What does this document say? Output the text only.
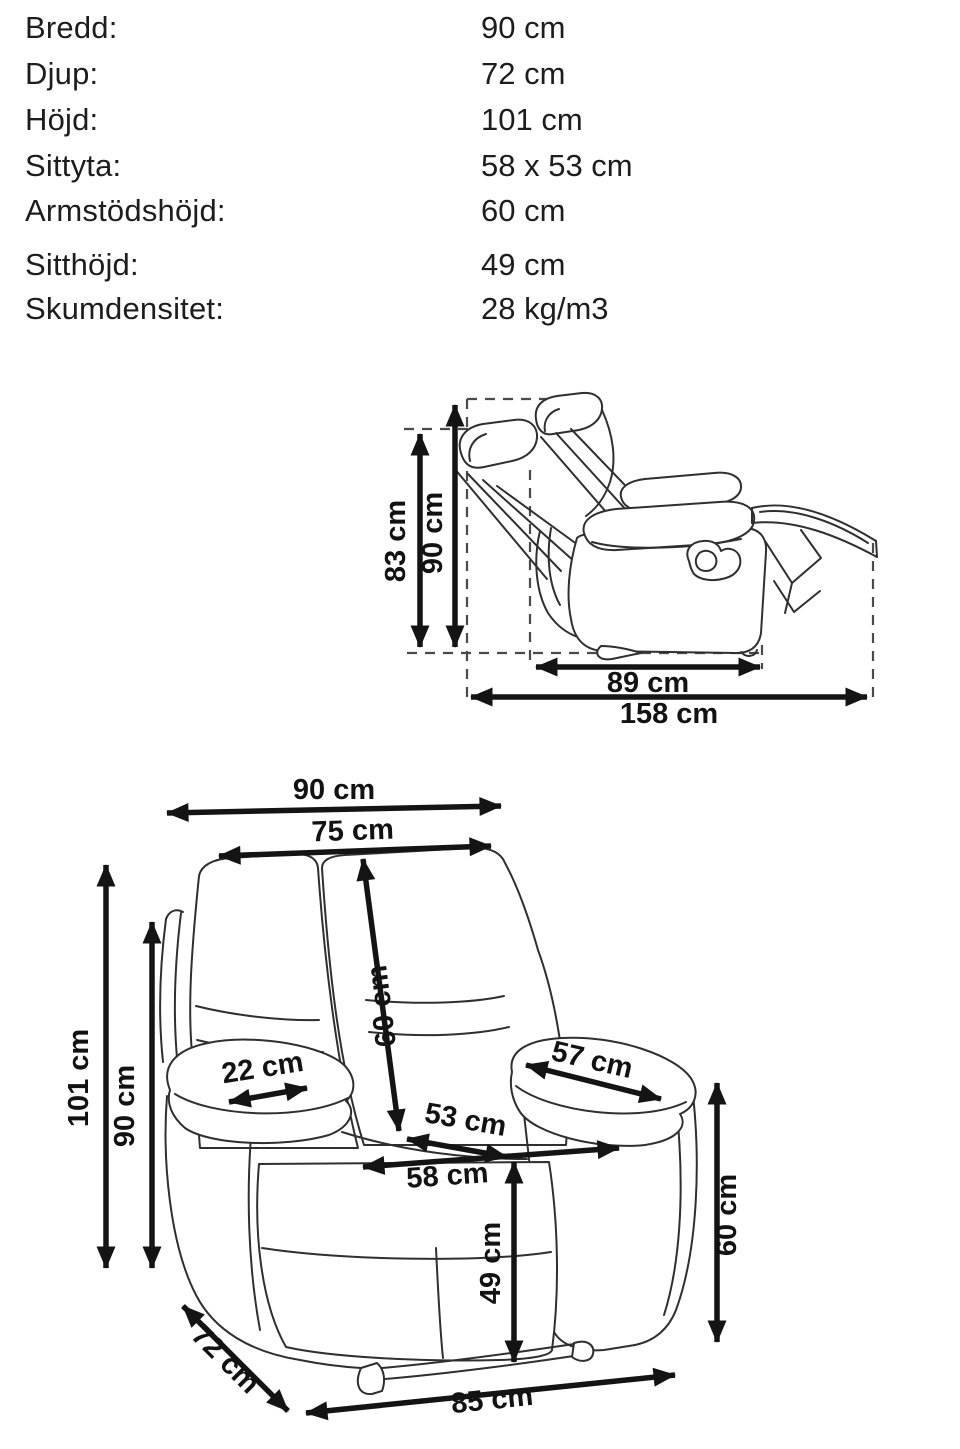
Bredd:	90 cm
Djup:	72 cm
Höjd:	101 cm
Sittyta:	58 x 53 cm
Armstödshöjd:	60 cm
Sitthöjd:	49 cm
Skumdensitet:	28 kg/m3
83 cm 90 cm
89 cm
158 cm
90 cm
75 cm
101 cm 90 cm	22 cm	57 cm
60 cm
53 cm
58 cm
49 cm
60 cm
72 cm
85 cm
